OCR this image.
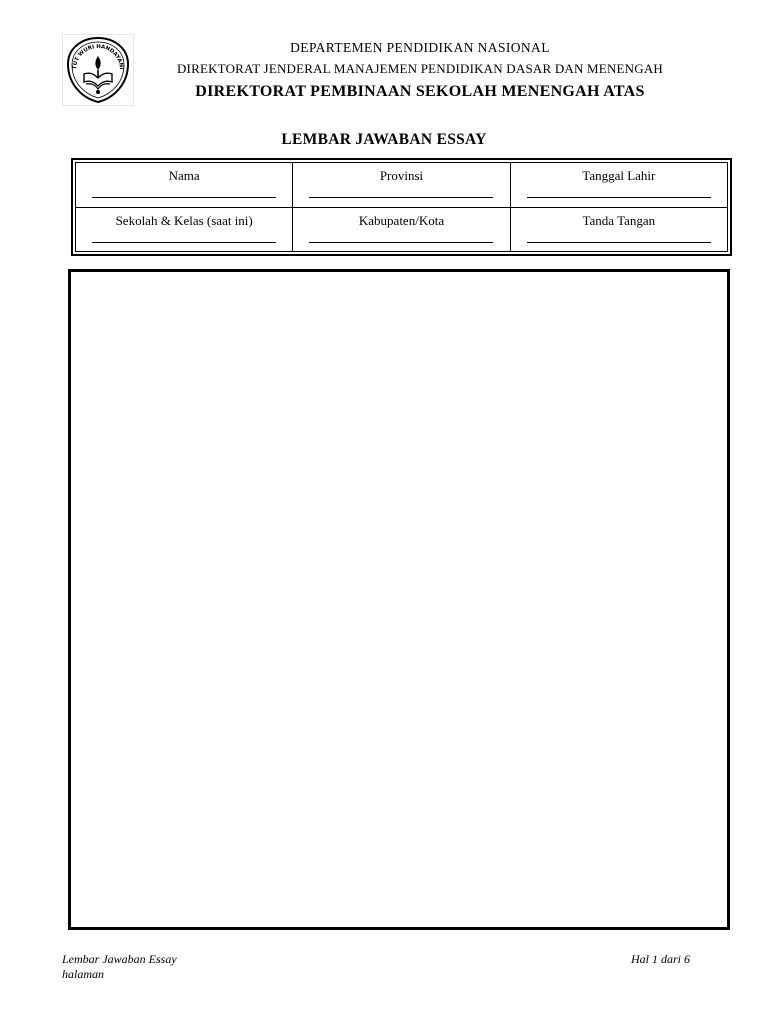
TUT WURI HANDAYANI
DEPARTEMEN PENDIDIKAN NASIONAL
DIREKTORAT JENDERAL MANAJEMEN PENDIDIKAN DASAR DAN MENENGAH
DIREKTORAT PEMBINAAN SEKOLAH MENENGAH ATAS
LEMBAR JAWABAN ESSAY
Nama	Provinsi	Tanggal Lahir

Sekolah & Kelas (saat ini)	Kabupaten/Kota	Tanda Tangan
Lembar Jawaban Essay
halaman
Hal 1 dari 6
